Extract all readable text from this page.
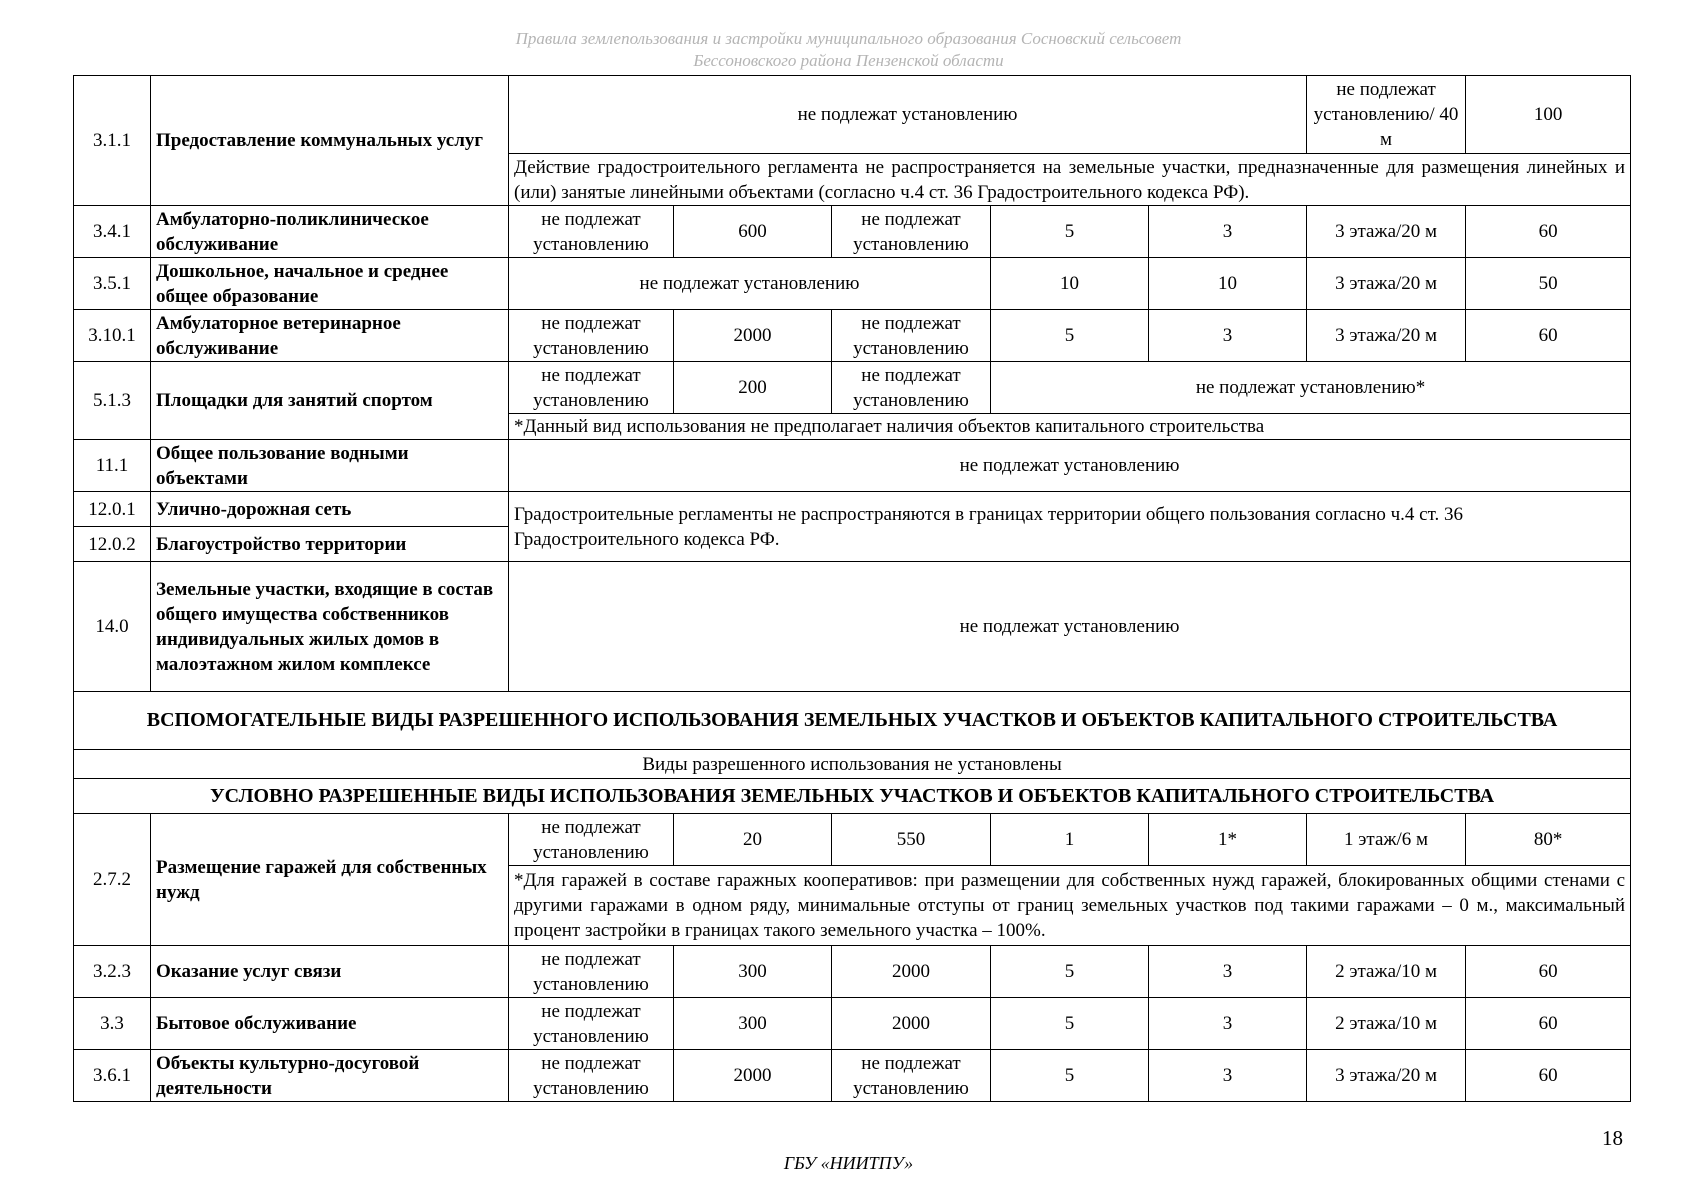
Правила землепользования и застройки муниципального образования Сосновский сельсовет
Бессоновского района Пензенской области
3.1.1	Предоставление коммунальных услуг	не подлежат установлению					не подлежат установлению/ 40 м	100
		Действие градостроительного регламента не распространяется на земельные участки, предназначенные для размещения линейных и (или) занятые линейными объектами (согласно ч.4 ст. 36 Градостроительного кодекса РФ).						
3.4.1	Амбулаторно-поликлиническое обслуживание	не подлежат установлению	600	не подлежат установлению	5	3	3 этажа/20 м	60
3.5.1	Дошкольное, начальное и среднее общее образование	не подлежат установлению			10	10	3 этажа/20 м	50
3.10.1	Амбулаторное ветеринарное обслуживание	не подлежат установлению	2000	не подлежат установлению	5	3	3 этажа/20 м	60
5.1.3	Площадки для занятий спортом	не подлежат установлению	200	не подлежат установлению	не подлежат установлению*			
		*Данный вид использования не предполагает наличия объектов капитального строительства						
11.1	Общее пользование водными объектами	не подлежат установлению						
12.0.1	Улично-дорожная сеть	Градостроительные регламенты не распространяются в границах территории общего пользования согласно ч.4 ст. 36 Градостроительного кодекса РФ.						
12.0.2	Благоустройство территории							
14.0	Земельные участки, входящие в состав общего имущества собственников индивидуальных жилых домов в малоэтажном жилом комплексе	не подлежат установлению						
ВСПОМОГАТЕЛЬНЫЕ ВИДЫ РАЗРЕШЕННОГО ИСПОЛЬЗОВАНИЯ ЗЕМЕЛЬНЫХ УЧАСТКОВ И ОБЪЕКТОВ КАПИТАЛЬНОГО СТРОИТЕЛЬСТВА								
Виды разрешенного использования не установлены								
УСЛОВНО РАЗРЕШЕННЫЕ ВИДЫ ИСПОЛЬЗОВАНИЯ ЗЕМЕЛЬНЫХ УЧАСТКОВ И ОБЪЕКТОВ КАПИТАЛЬНОГО СТРОИТЕЛЬСТВА								
2.7.2	Размещение гаражей для собственных нужд	не подлежат установлению	20	550	1	1*	1 этаж/6 м	80*
		*Для гаражей в составе гаражных кооперативов: при размещении для собственных нужд гаражей, блокированных общими стенами с другими гаражами в одном ряду, минимальные отступы от границ земельных участков под такими гаражами – 0 м., максимальный процент застройки в границах такого земельного участка – 100%.						
3.2.3	Оказание услуг связи	не подлежат установлению	300	2000	5	3	2 этажа/10 м	60
3.3	Бытовое обслуживание	не подлежат установлению	300	2000	5	3	2 этажа/10 м	60
3.6.1	Объекты культурно-досуговой деятельности	не подлежат установлению	2000	не подлежат установлению	5	3	3 этажа/20 м	60
18
ГБУ «НИИТПУ»
